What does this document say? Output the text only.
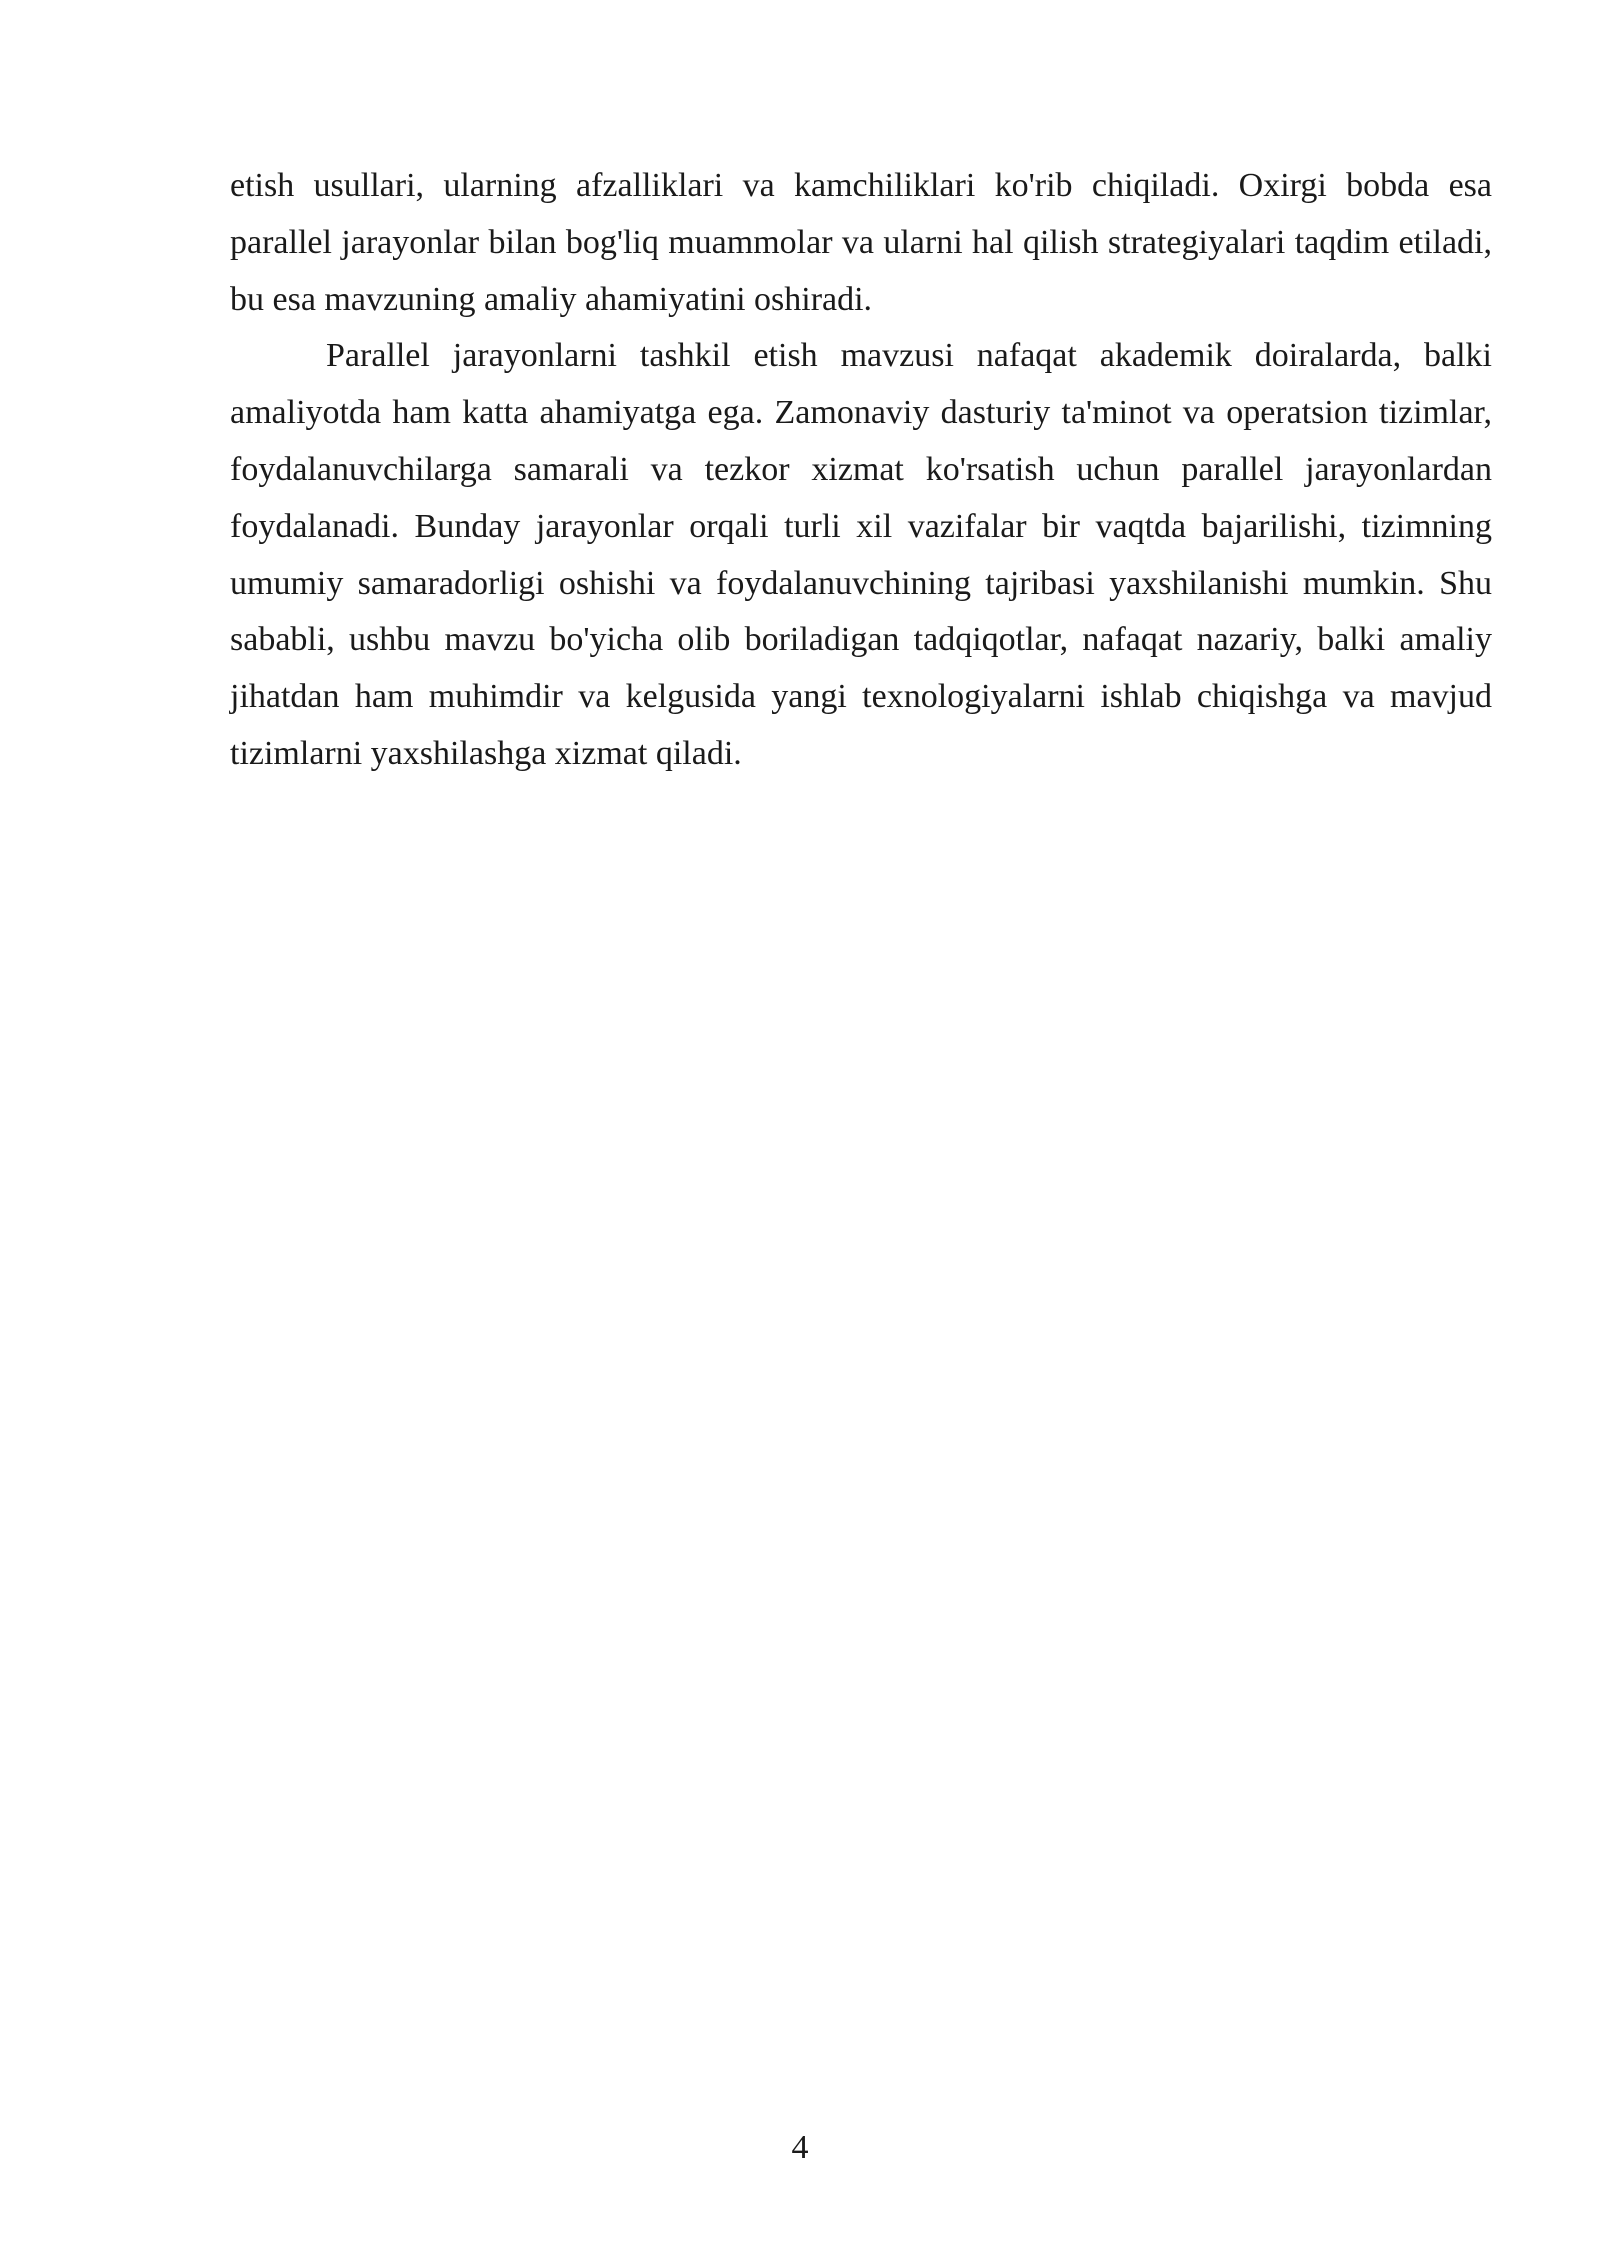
etish usullari, ularning afzalliklari va kamchiliklari ko'rib chiqiladi. Oxirgi bobda esa parallel jarayonlar bilan bog'liq muammolar va ularni hal qilish strategiyalari taqdim etiladi, bu esa mavzuning amaliy ahamiyatini oshiradi.

Parallel jarayonlarni tashkil etish mavzusi nafaqat akademik doiralarda, balki amaliyotda ham katta ahamiyatga ega. Zamonaviy dasturiy ta'minot va operatsion tizimlar, foydalanuvchilarga samarali va tezkor xizmat ko'rsatish uchun parallel jarayonlardan foydalanadi. Bunday jarayonlar orqali turli xil vazifalar bir vaqtda bajarilishi, tizimning umumiy samaradorligi oshishi va foydalanuvchining tajribasi yaxshilanishi mumkin. Shu sababli, ushbu mavzu bo'yicha olib boriladigan tadqiqotlar, nafaqat nazariy, balki amaliy jihatdan ham muhimdir va kelgusida yangi texnologiyalarni ishlab chiqishga va mavjud tizimlarni yaxshilashga xizmat qiladi.

4
